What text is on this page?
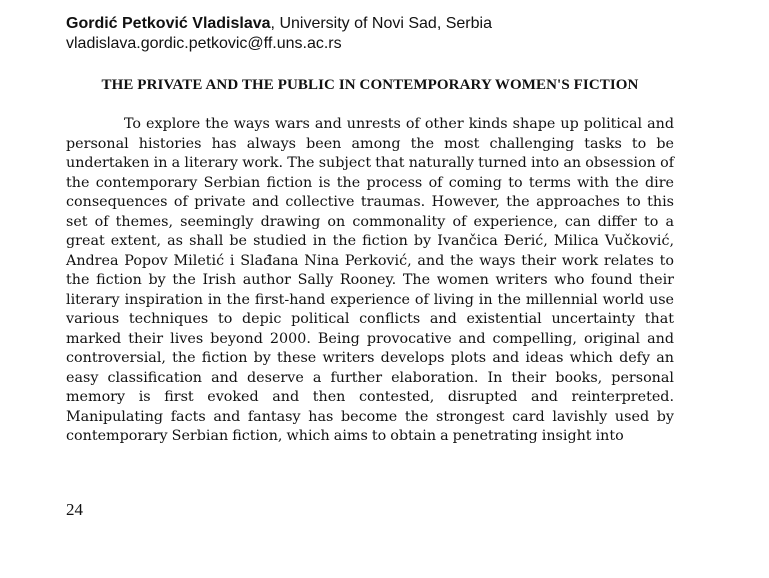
Gordić Petković Vladislava, University of Novi Sad, Serbia

vladislava.gordic.petkovic@ff.uns.ac.rs

THE PRIVATE AND THE PUBLIC IN CONTEMPORARY WOMEN'S FICTION

To explore the ways wars and unrests of other kinds shape up political and personal histories has always been among the most challenging tasks to be undertaken in a literary work. The subject that naturally turned into an obsession of the contemporary Serbian fiction is the process of coming to terms with the dire consequences of private and collective traumas. However, the approaches to this set of themes, seemingly drawing on commonality of experience, can differ to a great extent, as shall be studied in the fiction by Ivančica Đerić, Milica Vučković, Andrea Popov Miletić i Slađana Nina Perković, and the ways their work relates to the fiction by the Irish author Sally Rooney. The women writers who found their literary inspiration in the first-hand experience of living in the millennial world use various techniques to depic political conflicts and existential uncertainty that marked their lives beyond 2000. Being provocative and compelling, original and controversial, the fiction by these writers develops plots and ideas which defy an easy classification and deserve a further elaboration. In their books, personal memory is first evoked and then contested, disrupted and reinterpreted. Manipulating facts and fantasy has become the strongest card lavishly used by contemporary Serbian fiction, which aims to obtain a penetrating insight into

24
